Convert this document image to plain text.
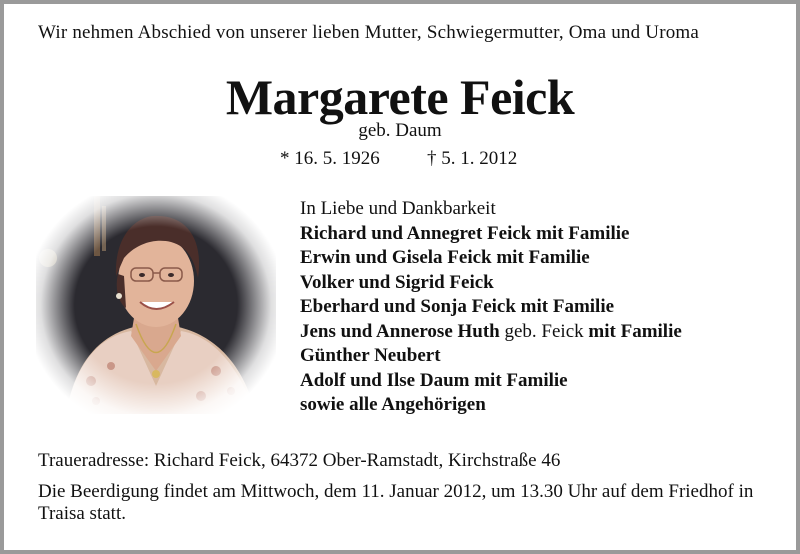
Wir nehmen Abschied von unserer lieben Mutter, Schwiegermutter, Oma und Uroma
Margarete Feick
geb. Daum
* 16. 5. 1926 † 5. 1. 2012
In Liebe und Dankbarkeit
Richard und Annegret Feick mit Familie
Erwin und Gisela Feick mit Familie
Volker und Sigrid Feick
Eberhard und Sonja Feick mit Familie
Jens und Annerose Huth geb. Feick mit Familie
Günther Neubert
Adolf und Ilse Daum mit Familie
sowie alle Angehörigen
Traueradresse: Richard Feick, 64372 Ober-Ramstadt, Kirchstraße 46
Die Beerdigung findet am Mittwoch, dem 11. Januar 2012, um 13.30 Uhr auf dem Friedhof in Traisa statt.
